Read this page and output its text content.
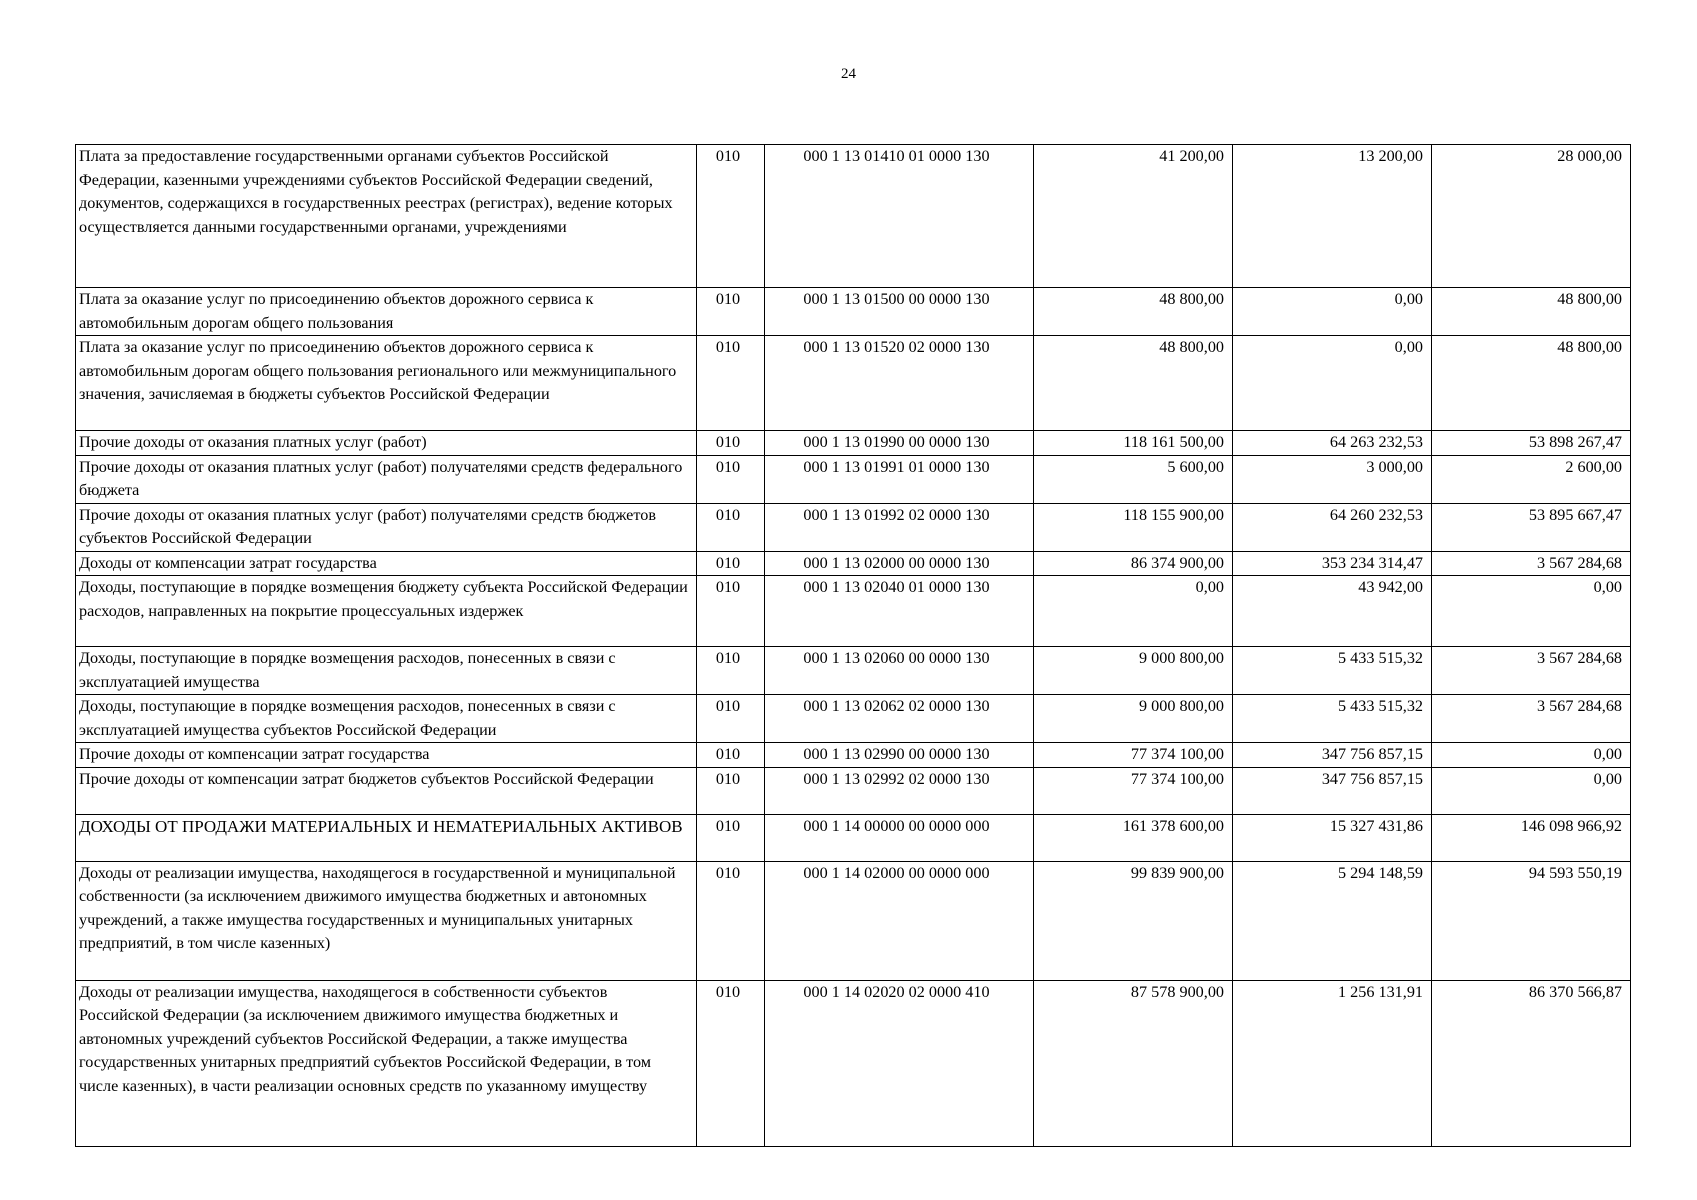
24
Плата за предоставление государственными органами субъектов Российской Федерации, казенными учреждениями субъектов Российской Федерации сведений, документов, содержащихся в государственных реестрах (регистрах), ведение которых осуществляется данными государственными органами, учреждениями	010	000 1 13 01410 01 0000 130	41 200,00	13 200,00	28 000,00
Плата за оказание услуг по присоединению объектов дорожного сервиса к автомобильным дорогам общего пользования	010	000 1 13 01500 00 0000 130	48 800,00	0,00	48 800,00
Плата за оказание услуг по присоединению объектов дорожного сервиса к автомобильным дорогам общего пользования регионального или межмуниципального значения, зачисляемая в бюджеты субъектов Российской Федерации	010	000 1 13 01520 02 0000 130	48 800,00	0,00	48 800,00
Прочие доходы от оказания платных услуг (работ)	010	000 1 13 01990 00 0000 130	118 161 500,00	64 263 232,53	53 898 267,47
Прочие доходы от оказания платных услуг (работ) получателями средств федерального бюджета	010	000 1 13 01991 01 0000 130	5 600,00	3 000,00	2 600,00
Прочие доходы от оказания платных услуг (работ) получателями средств бюджетов субъектов Российской Федерации	010	000 1 13 01992 02 0000 130	118 155 900,00	64 260 232,53	53 895 667,47
Доходы от компенсации затрат государства	010	000 1 13 02000 00 0000 130	86 374 900,00	353 234 314,47	3 567 284,68
Доходы, поступающие в порядке возмещения бюджету субъекта Российской Федерации расходов, направленных на покрытие процессуальных издержек	010	000 1 13 02040 01 0000 130	0,00	43 942,00	0,00
Доходы, поступающие в порядке возмещения расходов, понесенных в связи с эксплуатацией имущества	010	000 1 13 02060 00 0000 130	9 000 800,00	5 433 515,32	3 567 284,68
Доходы, поступающие в порядке возмещения расходов, понесенных в связи с эксплуатацией имущества субъектов Российской Федерации	010	000 1 13 02062 02 0000 130	9 000 800,00	5 433 515,32	3 567 284,68
Прочие доходы от компенсации затрат государства	010	000 1 13 02990 00 0000 130	77 374 100,00	347 756 857,15	0,00
Прочие доходы от компенсации затрат бюджетов субъектов Российской Федерации	010	000 1 13 02992 02 0000 130	77 374 100,00	347 756 857,15	0,00
ДОХОДЫ ОТ ПРОДАЖИ МАТЕРИАЛЬНЫХ И НЕМАТЕРИАЛЬНЫХ АКТИВОВ	010	000 1 14 00000 00 0000 000	161 378 600,00	15 327 431,86	146 098 966,92
Доходы от реализации имущества, находящегося в государственной и муниципальной собственности (за исключением движимого имущества бюджетных и автономных учреждений, а также имущества государственных и муниципальных унитарных предприятий, в том числе казенных)	010	000 1 14 02000 00 0000 000	99 839 900,00	5 294 148,59	94 593 550,19
Доходы от реализации имущества, находящегося в собственности субъектов Российской Федерации (за исключением движимого имущества бюджетных и автономных учреждений субъектов Российской Федерации, а также имущества государственных унитарных предприятий субъектов Российской Федерации, в том числе казенных), в части реализации основных средств по указанному имуществу	010	000 1 14 02020 02 0000 410	87 578 900,00	1 256 131,91	86 370 566,87
